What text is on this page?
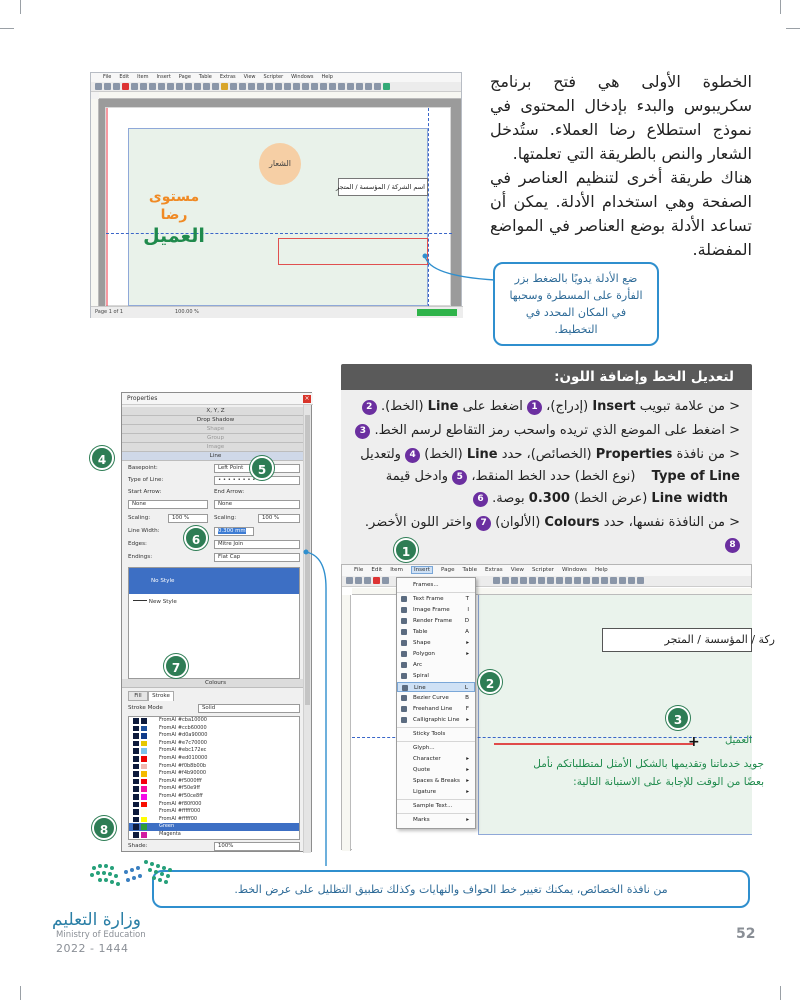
File Edit Item Insert Page Table Extras View Scripter Windows Help
الشعار
اسم الشركة / المؤسسة / المتجر
مستوى رضا
العميل
Page 1 of 1	100.00 %
الخطوة الأولى هي فتح برنامج سكريبوس والبدء بإدخال المحتوى في نموذج استطلاع رضا العملاء. ستُدخل الشعار والنص بالطريقة التي تعلمتها.
هناك طريقة أخرى لتنظيم العناصر في الصفحة وهي استخدام الأدلة. يمكن أن تساعد الأدلة بوضع العناصر في المواضع المفضلة.
ضع الأدلة يدويًا بالضغط بزر الفأرة على المسطرة وسحبها في المكان المحدد في التخطيط.
لتعديل الخط وإضافة اللون:

< من علامة تبويب Insert (إدراج)، 1 اضغط على Line (الخط). 2

< اضغط على الموضع الذي تريده واسحب رمز التقاطع لرسم الخط. 3

< من نافذة Properties (الخصائص)، حدد Line (الخط) 4 ولتعديل
Type of Line (نوع الخط) حدد الخط المنقط، 5 وادخل قيمة
Line width (عرض الخط) 0.300 بوصة. 6

< من النافذة نفسها، حدد Colours (الألوان) 7 واختر اللون الأخضر. 8

Properties	×
X, Y, Z
Drop Shadow
Shape
Group
Image
Line
Basepoint:	Left Point
Type of Line:	• • • • • • • •
Start Arrow:	End Arrow:
None	None
Scaling:	100 %	Scaling:	100 %
Line Width:	0.300 mm
Edges:	Mitre Join
Endings:	Flat Cap
No Style
New Style
Colours
Fill	Stroke
Stroke Mode	Solid
FromAI #cba10000
FromAI #ccb60000
FromAI #d0a90000
FromAI #e7c70000
FromAI #ebc172ec
FromAI #ed010000
FromAI #f0b8b00b
FromAI #f4b90000
FromAI #f5000fff
FromAI #f50e9ff
FromAI #f50ce8ff
FromAI #f80f000
FromAI #fffff000
FromAI #fffff00
Green
Magenta
Shade:	100%
File Edit Item Insert Page Table Extras View Scripter Windows Help
ركة / المؤسسة / المتجر
+	العميل
جويد خدماتنا وتقديمها بالشكل الأمثل لمتطلباتكم نأمل
بعضًا من الوقت للإجابة على الاستبانة التالية:
Frames...
Text Frame	T
Image Frame	I
Render Frame D
Table	A
Shape	▸
Polygon	▸
Arc
Spiral
Line	L
Bezier Curve	B
Freehand Line F
Calligraphic Line ▸
Sticky Tools
Glyph...
Character	▸
Quote	▸
Spaces & Breaks ▸
Ligature	▸
Sample Text...
Marks	▸
1
2
3
4
5
6
7
8
من نافذة الخصائص، يمكنك تغيير خط الحواف والنهايات وكذلك تطبيق التظليل على عرض الخط.
وزارة التعليم
Ministry of Education
2022 - 1444
52
